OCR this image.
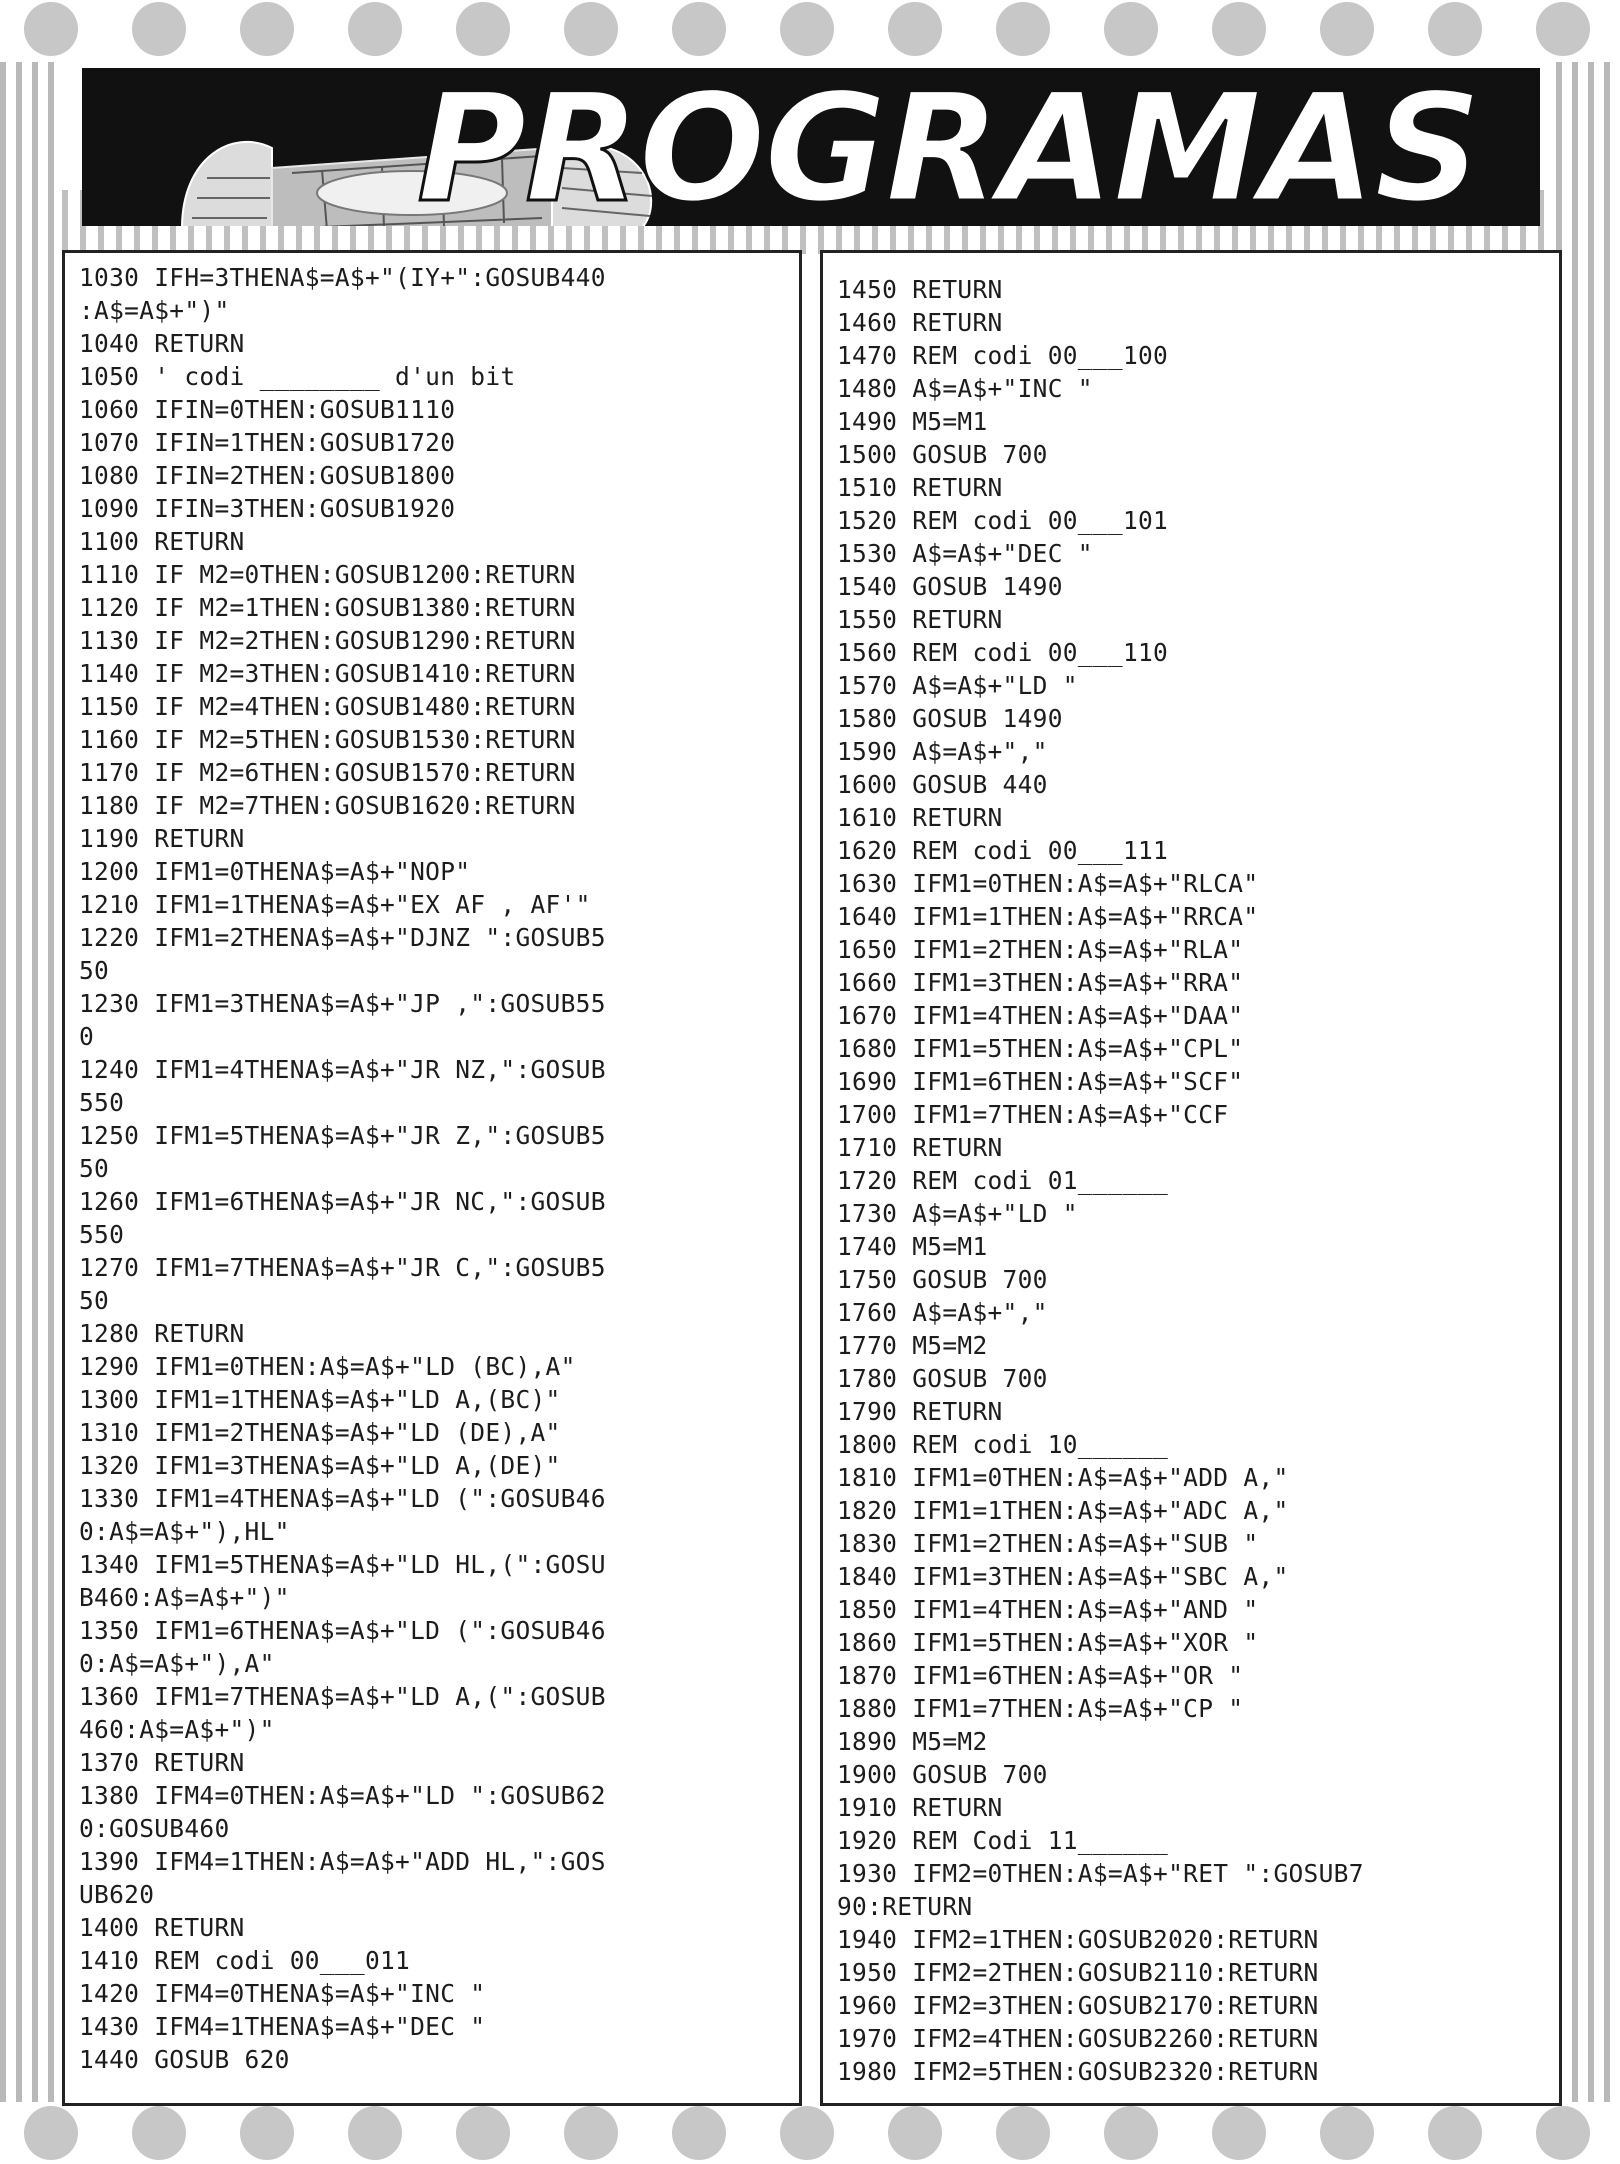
PROGRAMAS
1030 IFH=3THENA$=A$+"(IY+":GOSUB440
:A$=A$+")"
1040 RETURN
1050 ' codi ________ d'un bit
1060 IFIN=0THEN:GOSUB1110
1070 IFIN=1THEN:GOSUB1720
1080 IFIN=2THEN:GOSUB1800
1090 IFIN=3THEN:GOSUB1920
1100 RETURN
1110 IF M2=0THEN:GOSUB1200:RETURN
1120 IF M2=1THEN:GOSUB1380:RETURN
1130 IF M2=2THEN:GOSUB1290:RETURN
1140 IF M2=3THEN:GOSUB1410:RETURN
1150 IF M2=4THEN:GOSUB1480:RETURN
1160 IF M2=5THEN:GOSUB1530:RETURN
1170 IF M2=6THEN:GOSUB1570:RETURN
1180 IF M2=7THEN:GOSUB1620:RETURN
1190 RETURN
1200 IFM1=0THENA$=A$+"NOP"
1210 IFM1=1THENA$=A$+"EX AF , AF'"
1220 IFM1=2THENA$=A$+"DJNZ ":GOSUB5
50
1230 IFM1=3THENA$=A$+"JP ,":GOSUB55
0
1240 IFM1=4THENA$=A$+"JR NZ,":GOSUB
550
1250 IFM1=5THENA$=A$+"JR Z,":GOSUB5
50
1260 IFM1=6THENA$=A$+"JR NC,":GOSUB
550
1270 IFM1=7THENA$=A$+"JR C,":GOSUB5
50
1280 RETURN
1290 IFM1=0THEN:A$=A$+"LD (BC),A"
1300 IFM1=1THENA$=A$+"LD A,(BC)"
1310 IFM1=2THENA$=A$+"LD (DE),A"
1320 IFM1=3THENA$=A$+"LD A,(DE)"
1330 IFM1=4THENA$=A$+"LD (":GOSUB46
0:A$=A$+"),HL"
1340 IFM1=5THENA$=A$+"LD HL,(":GOSU
B460:A$=A$+")"
1350 IFM1=6THENA$=A$+"LD (":GOSUB46
0:A$=A$+"),A"
1360 IFM1=7THENA$=A$+"LD A,(":GOSUB
460:A$=A$+")"
1370 RETURN
1380 IFM4=0THEN:A$=A$+"LD ":GOSUB62
0:GOSUB460
1390 IFM4=1THEN:A$=A$+"ADD HL,":GOS
UB620
1400 RETURN
1410 REM codi 00___011
1420 IFM4=0THENA$=A$+"INC "
1430 IFM4=1THENA$=A$+"DEC "
1440 GOSUB 620
1450 RETURN
1460 RETURN
1470 REM codi 00___100
1480 A$=A$+"INC "
1490 M5=M1
1500 GOSUB 700
1510 RETURN
1520 REM codi 00___101
1530 A$=A$+"DEC "
1540 GOSUB 1490
1550 RETURN
1560 REM codi 00___110
1570 A$=A$+"LD "
1580 GOSUB 1490
1590 A$=A$+","
1600 GOSUB 440
1610 RETURN
1620 REM codi 00___111
1630 IFM1=0THEN:A$=A$+"RLCA"
1640 IFM1=1THEN:A$=A$+"RRCA"
1650 IFM1=2THEN:A$=A$+"RLA"
1660 IFM1=3THEN:A$=A$+"RRA"
1670 IFM1=4THEN:A$=A$+"DAA"
1680 IFM1=5THEN:A$=A$+"CPL"
1690 IFM1=6THEN:A$=A$+"SCF"
1700 IFM1=7THEN:A$=A$+"CCF
1710 RETURN
1720 REM codi 01______
1730 A$=A$+"LD "
1740 M5=M1
1750 GOSUB 700
1760 A$=A$+","
1770 M5=M2
1780 GOSUB 700
1790 RETURN
1800 REM codi 10______
1810 IFM1=0THEN:A$=A$+"ADD A,"
1820 IFM1=1THEN:A$=A$+"ADC A,"
1830 IFM1=2THEN:A$=A$+"SUB "
1840 IFM1=3THEN:A$=A$+"SBC A,"
1850 IFM1=4THEN:A$=A$+"AND "
1860 IFM1=5THEN:A$=A$+"XOR "
1870 IFM1=6THEN:A$=A$+"OR "
1880 IFM1=7THEN:A$=A$+"CP "
1890 M5=M2
1900 GOSUB 700
1910 RETURN
1920 REM Codi 11______
1930 IFM2=0THEN:A$=A$+"RET ":GOSUB7
90:RETURN
1940 IFM2=1THEN:GOSUB2020:RETURN
1950 IFM2=2THEN:GOSUB2110:RETURN
1960 IFM2=3THEN:GOSUB2170:RETURN
1970 IFM2=4THEN:GOSUB2260:RETURN
1980 IFM2=5THEN:GOSUB2320:RETURN
